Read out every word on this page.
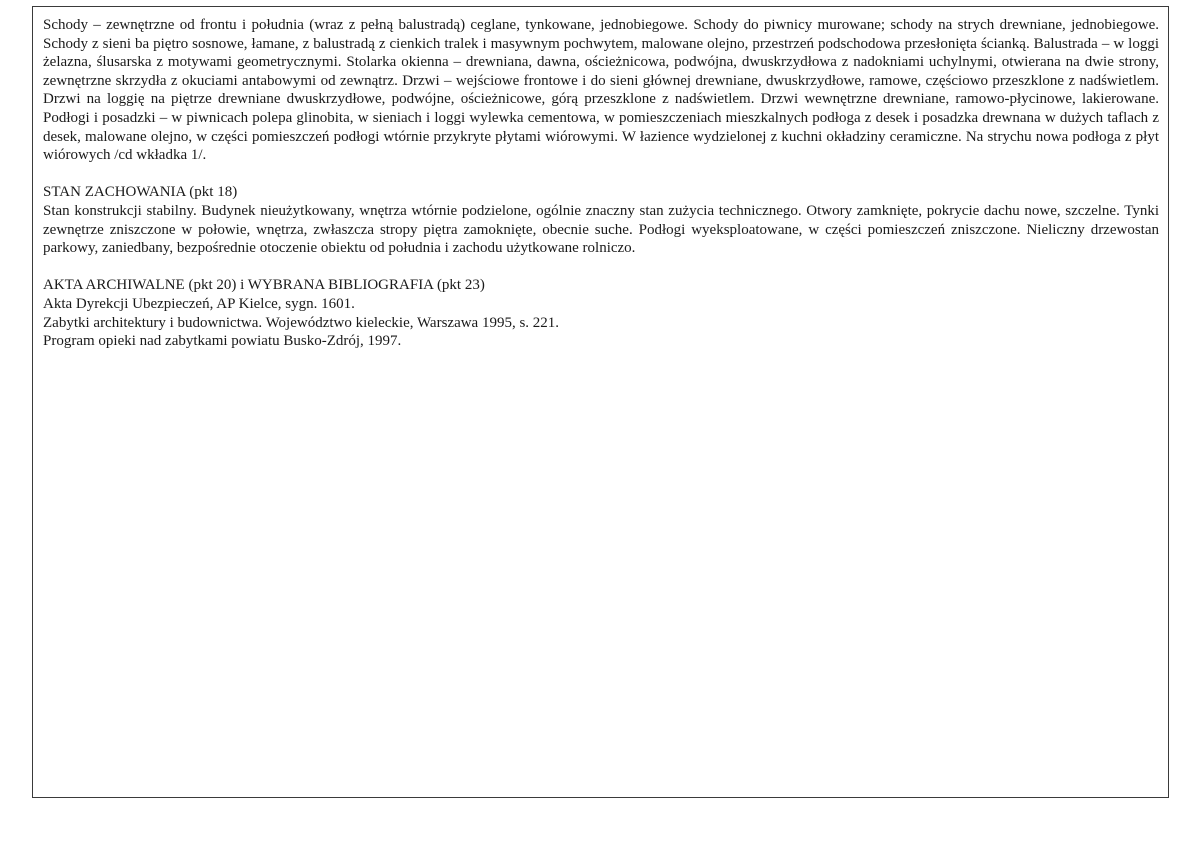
Schody – zewnętrzne od frontu i południa (wraz z pełną balustradą) ceglane, tynkowane, jednobiegowe. Schody do piwnicy murowane; schody na strych drewniane, jednobiegowe. Schody z sieni ba piętro sosnowe, łamane, z balustradą z cienkich tralek i masywnym pochwytem, malowane olejno, przestrzeń podschodowa przesłonięta ścianką. Balustrada – w loggi żelazna, ślusarska z motywami geometrycznymi. Stolarka okienna – drewniana, dawna, ościeżnicowa, podwójna, dwuskrzydłowa z nadokniami uchylnymi, otwierana na dwie strony, zewnętrzne skrzydła z okuciami antabowymi od zewnątrz. Drzwi – wejściowe frontowe i do sieni głównej drewniane, dwuskrzydłowe, ramowe, częściowo przeszklone z nadświetlem. Drzwi na loggię na piętrze drewniane dwuskrzydłowe, podwójne, ościeżnicowe, górą przeszklone z nadświetlem. Drzwi wewnętrzne drewniane, ramowo-płycinowe, lakierowane. Podłogi i posadzki – w piwnicach polepa glinobita, w sieniach i loggi wylewka cementowa, w pomieszczeniach mieszkalnych podłoga z desek i posadzka drewnana w dużych taflach z desek, malowane olejno, w części pomieszczeń podłogi wtórnie przykryte płytami wiórowymi. W łazience wydzielonej z kuchni okładziny ceramiczne. Na strychu nowa podłoga z płyt wiórowych /cd wkładka 1/.

STAN ZACHOWANIA (pkt 18)

Stan konstrukcji stabilny. Budynek nieużytkowany, wnętrza wtórnie podzielone, ogólnie znaczny stan zużycia technicznego. Otwory zamknięte, pokrycie dachu nowe, szczelne. Tynki zewnętrze zniszczone w połowie, wnętrza, zwłaszcza stropy piętra zamoknięte, obecnie suche. Podłogi wyeksploatowane, w części pomieszczeń zniszczone. Nieliczny drzewostan parkowy, zaniedbany, bezpośrednie otoczenie obiektu od południa i zachodu użytkowane rolniczo.

AKTA ARCHIWALNE (pkt 20) i WYBRANA BIBLIOGRAFIA (pkt 23)

Akta Dyrekcji Ubezpieczeń, AP Kielce, sygn. 1601.

Zabytki architektury i budownictwa. Województwo kieleckie, Warszawa 1995, s. 221.

Program opieki nad zabytkami powiatu Busko-Zdrój, 1997.
